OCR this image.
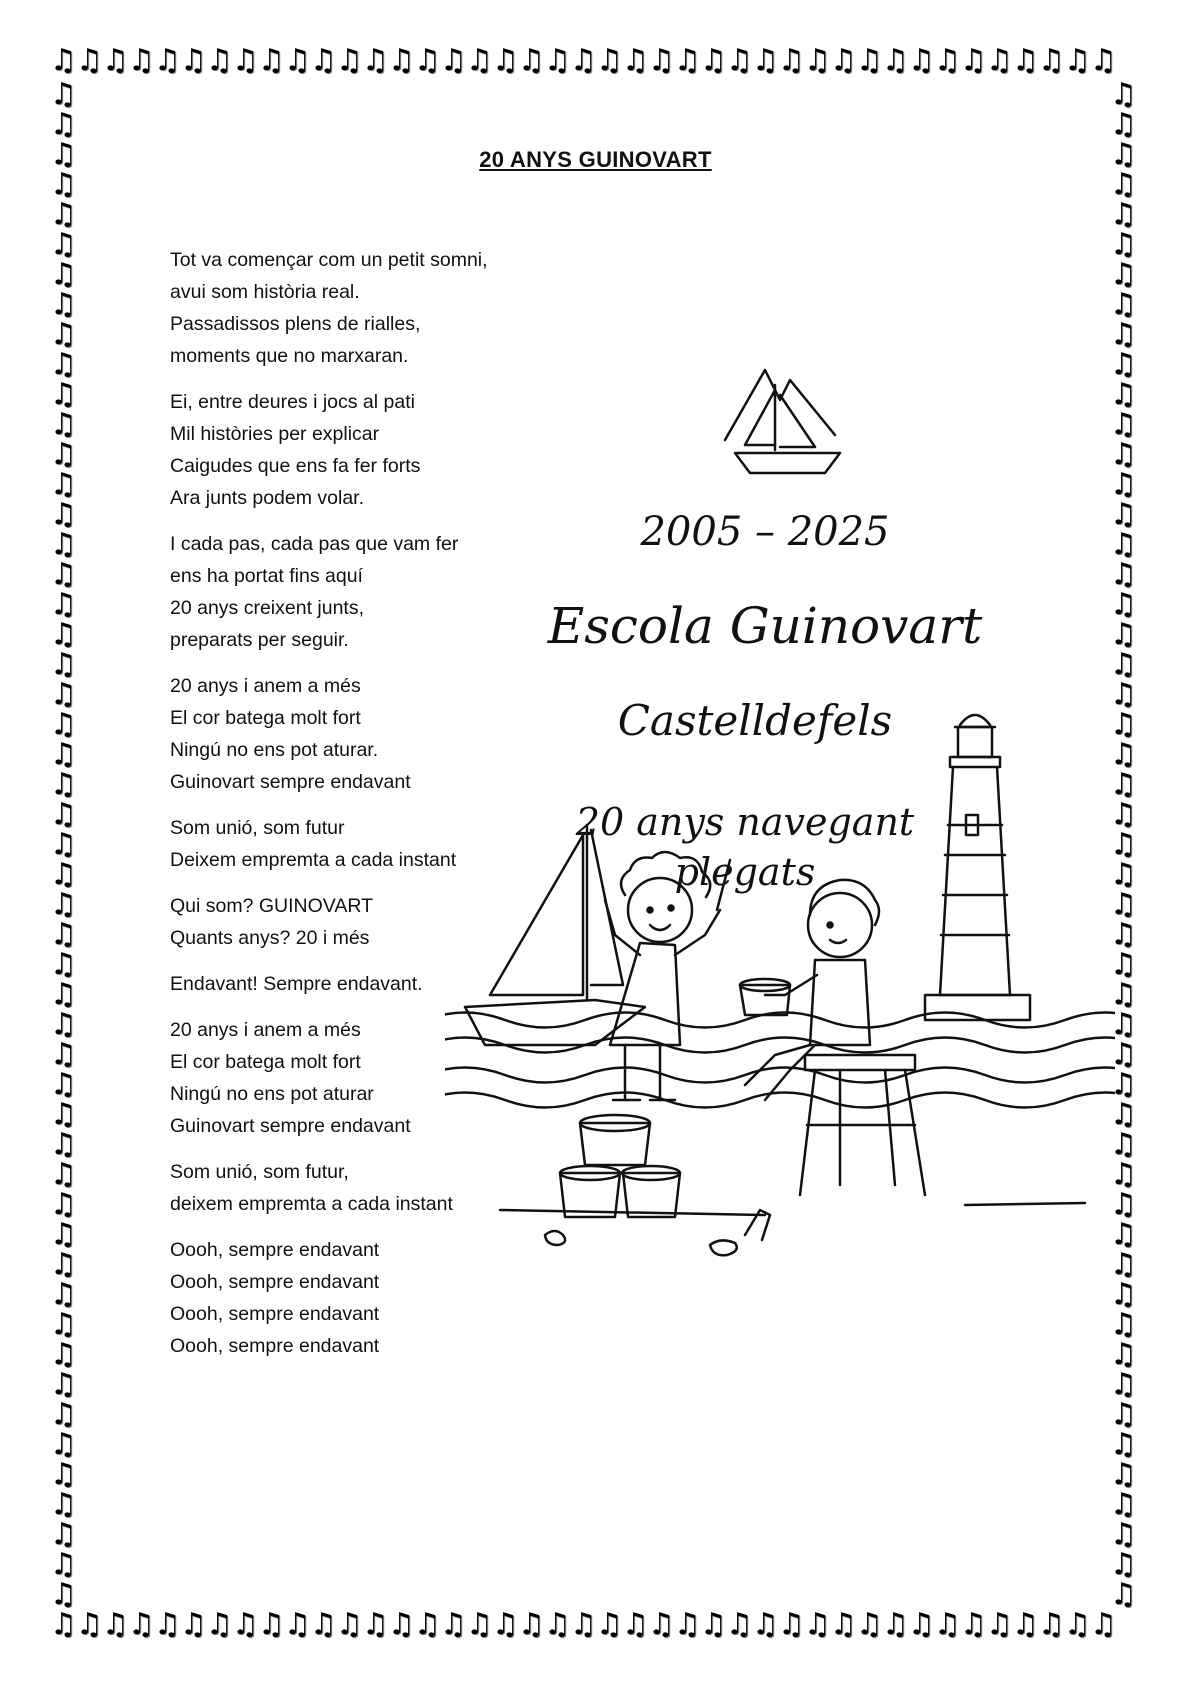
♫ ♫ ♫ ♫ ♫ ♫ ♫ ♫ ♫ ♫ ♫ ♫ ♫ ♫ ♫ ♫ ♫ ♫ ♫ ♫ ♫ ♫ ♫ ♫ ♫ ♫ ♫ ♫ ♫ ♫ ♫ ♫ ♫ ♫ ♫ ♫ ♫ ♫ ♫ ♫ ♫
♫ ♫ ♫ ♫ ♫ ♫ ♫ ♫ ♫ ♫ ♫ ♫ ♫ ♫ ♫ ♫ ♫ ♫ ♫ ♫ ♫ ♫ ♫ ♫ ♫ ♫ ♫ ♫ ♫ ♫ ♫ ♫ ♫ ♫ ♫ ♫ ♫ ♫ ♫ ♫ ♫
♫
♫
♫
♫
♫
♫
♫
♫
♫
♫
♫
♫
♫
♫
♫
♫
♫
♫
♫
♫
♫
♫
♫
♫
♫
♫
♫
♫
♫
♫
♫
♫
♫
♫
♫
♫
♫
♫
♫
♫
♫
♫
♫
♫
♫
♫
♫
♫
♫
♫
♫
♫
♫
♫
♫
♫
♫
♫
♫
♫
♫
♫
♫
♫
♫
♫
♫
♫
♫
♫
♫
♫
♫
♫
♫
♫
♫
♫
♫
♫
♫
♫
♫
♫
♫
♫
♫
♫
♫
♫
♫
♫
♫
♫
♫
♫
♫
♫
♫
♫
♫
♫
20 ANYS GUINOVART
Tot va començar com un petit somni,
avui som història real.
Passadissos plens de rialles,
moments que no marxaran.
Ei, entre deures i jocs al pati
Mil històries per explicar
Caigudes que ens fa fer forts
Ara junts podem volar.
I cada pas, cada pas que vam fer
ens ha portat fins aquí
20 anys creixent junts,
preparats per seguir.
20 anys i anem a més
El cor batega molt fort
Ningú no ens pot aturar.
Guinovart sempre endavant
Som unió, som futur
Deixem empremta a cada instant
Qui som? GUINOVART
Quants anys? 20 i més
Endavant! Sempre endavant.
20 anys i anem a més
El cor batega molt fort
Ningú no ens pot aturar
Guinovart sempre endavant
Som unió, som futur,
deixem empremta a cada instant
Oooh, sempre endavant
Oooh, sempre endavant
Oooh, sempre endavant
Oooh, sempre endavant
2005 – 2025
Escola Guinovart
Castelldefels
20 anys navegant
plegats
